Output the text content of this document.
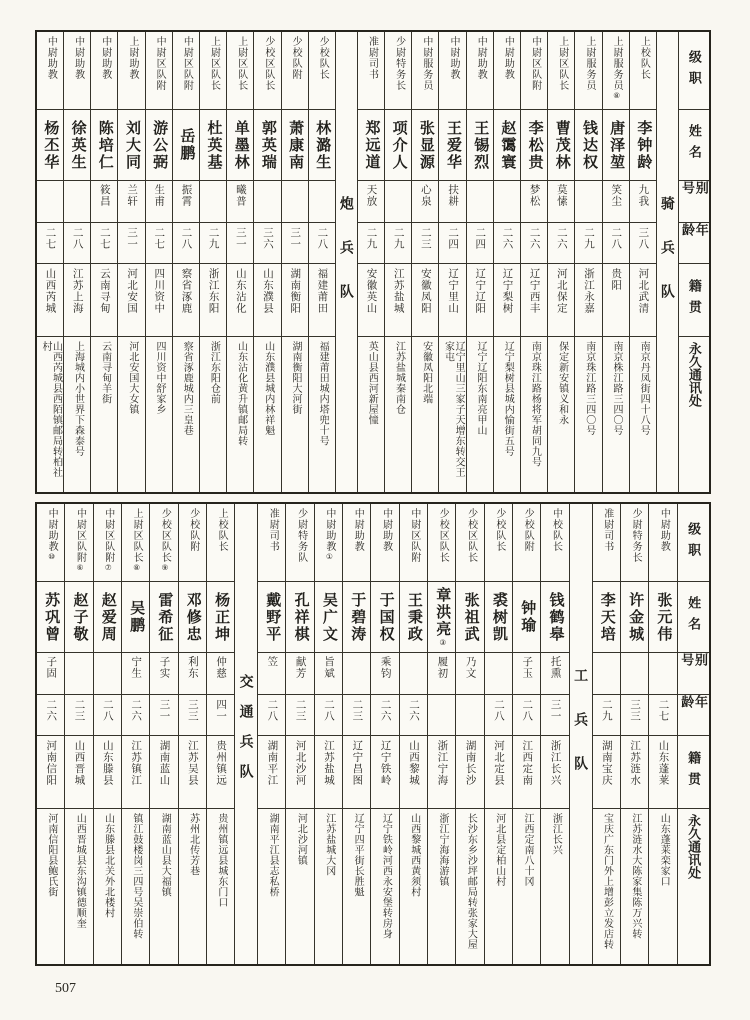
级职
姓名
别号
年龄
籍贯
永久通讯处
骑兵队
上校队长
李钟龄
九我
三八
河北武清
南京丹凤街四十八号
上尉服务员⑧
唐泽堃
笑尘
二八
贵阳
南京株江路三四〇号
上尉服务员
钱达权
二九
浙江永嘉
南京珠江路三四〇号
上尉区队长
曹茂林
莫愫
二六
河北保定
保定新安镇义和永
中尉区队附
李松贵
梦松
二六
辽宁西丰
南京珠江路杨将军胡同九号
中尉助教
赵霭寰
二六
辽宁梨树
辽宁梨树县城内愉街五号
中尉助教
王锡烈
二四
辽宁辽阳
辽宁辽阳东南亮甲山
中尉助教
王爱华
扶耕
二四
辽宁里山
辽宁里山三家子天增东转交王家屯
中尉服务员
张显源
心泉
二三
安徽凤阳
安徽凤阳北端
少尉特务长
项介人
二九
江苏盐城
江苏盐城秦南仓
准尉司书
郑远道
天放
二九
安徽英山
英山县西河新屋憧
炮兵队
少校队长
林潞生
二八
福建莆田
福建莆田城内塔兜十号
少校队附
萧康南
三一
湖南衡阳
湖南衡阳大河街
少校区队长
郭英瑞
三六
山东濮县
山东濮县城内林祥魁
上尉区队长
单墨林
曦普
三一
山东沾化
山东沾化黄升镇邮局转
上尉区队长
杜英基
二九
浙江东阳
浙江东阳仓前
中尉区队附
岳鹏
振霄
二八
察省涿鹿
察省涿鹿城内三皇巷
中尉区队附
游公弼
生甫
二七
四川资中
四川资中舒家乡
上尉助教
刘大同
兰轩
三一
河北安国
河北安国大女镇
中尉助教
陈培仁
筱昌
二七
云南寻甸
云南寻甸羊街
中尉助教
徐英生
二八
江苏上海
上海城内小世界下森泰号
中尉助教
杨丕华
二七
山西芮城
山西芮城县西陌镇邮局转柏社村
级职
姓名
别号
年龄
籍贯
永久通讯处
中尉助教
张元伟
二七
山东蓬莱
山东蓬莱栾家口
少尉特务长
许金城
三三
江苏涟水
江苏涟水大陈家集陈万兴转
准尉司书
李天培
二九
湖南宝庆
宝庆广东门外上增彭立发店转
工兵队
中校队长
钱鹤皋
托熏
三一
浙江长兴
浙江长兴
少校队附
钟瑜
子玉
二八
江西定南
江西定南八十冈
少校队长
裘树凯
二八
河北定县
河北县定柏山村
少校区队长
张祖武
乃文
湖南长沙
长沙东乡沙坪邮局转张家大屋
少校区队长
章洪亮③
履初
浙江宁海
浙江宁海海游镇
中尉区队附
王秉政
二六
山西黎城
山西黎城西黄须村
中尉助教
于国权
乘钧
二六
辽宁铁岭
辽宁铁岭河西永安堡转房身
中尉助教
于碧涛
二三
辽宁昌图
辽宁四平街长胜魁
中尉助教①
吴广文
旨斌
二八
江苏盐城
江苏盐城大冈
少尉特务队
孔祥棋
献芳
二三
河北沙河
河北沙河镇
准尉司书
戴野平
笠
二八
湖南平江
湖南平江县志私桥
交通兵队
上校队长
杨正坤
仲慈
四一
贵州镇远
贵州镇远县城东门口
少校队附
邓修忠
利东
三三
江苏吴县
苏州北传芳巷
少校区队长⑨
雷希征
子实
三一
湖南蓝山
湖南蓝山县大福镇
上尉区队长⑧
吴鹏
宁生
二六
江苏镇江
镇江鼓楼岗三四号吴崇伯转
中尉区队附⑦
赵爱周
二八
山东滕县
山东滕县北关外北楼村
中尉区队附⑥
赵子敬
二三
山西晋城
山西晋城县东沟镇德顺奎
中尉助教⑩
苏巩曾
子固
二六
河南信阳
河南信阳县鲍氏街
507
